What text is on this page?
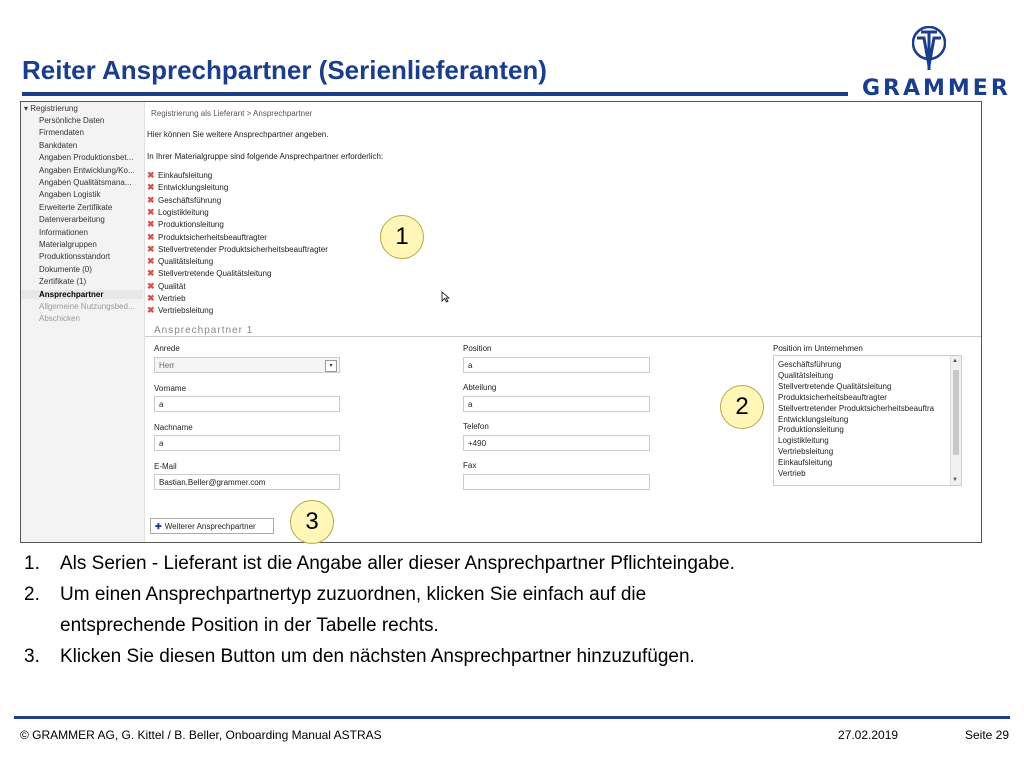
Reiter Ansprechpartner (Serienlieferanten)
GRAMMER
▾ Registrierung
Persönliche Daten
Firmendaten
Bankdaten
Angaben Produktionsbet...
Angaben Entwicklung/Ko...
Angaben Qualitätsmana...
Angaben Logistik
Erweiterte Zertifikate
Datenverarbeitung
Informationen
Materialgruppen
Produktionsstandort
Dokumente (0)
Zertifikate (1)
Ansprechpartner
Allgemeine Nutzungsbed...
Abschicken
Registrierung als Lieferant > Ansprechpartner
Hier können Sie weitere Ansprechpartner angeben.
In Ihrer Materialgruppe sind folgende Ansprechpartner erforderlich:
✖ Einkaufsleitung
✖ Entwicklungsleitung
✖ Geschäftsführung
✖ Logistikleitung
✖ Produktionsleitung
✖ Produktsicherheitsbeauftragter
✖ Stellvertretender Produktsicherheitsbeauftragter
✖ Qualitätsleitung
✖ Stellvertretende Qualitätsleitung
✖ Qualität
✖ Vertrieb
✖ Vertriebsleitung
Ansprechpartner 1
Anrede
Herr	▾
Vorname
a
Nachname
a
E-Mail
Bastian.Beller@grammer.com
Position
a
Abteilung
a
Telefon
+490
Fax
Position im Unternehmen
Geschäftsführung
Qualitätsleitung
Stellvertretende Qualitätsleitung
Produktsicherheitsbeauftragter
Stellvertretender Produktsicherheitsbeauftra
Entwicklungsleitung
Produktionsleitung
Logistikleitung
Vertriebsleitung
Einkaufsleitung
Vertrieb
▲
▼
✚ Weiterer Ansprechpartner
1
2
3
1. Als Serien - Lieferant ist die Angabe aller dieser Ansprechpartner Pflichteingabe.
2. Um einen Ansprechpartnertyp zuzuordnen, klicken Sie einfach auf die
entsprechende Position in der Tabelle rechts.
3. Klicken Sie diesen Button um den nächsten Ansprechpartner hinzuzufügen.
© GRAMMER AG, G. Kittel / B. Beller, Onboarding Manual ASTRAS	27.02.2019	Seite 29
